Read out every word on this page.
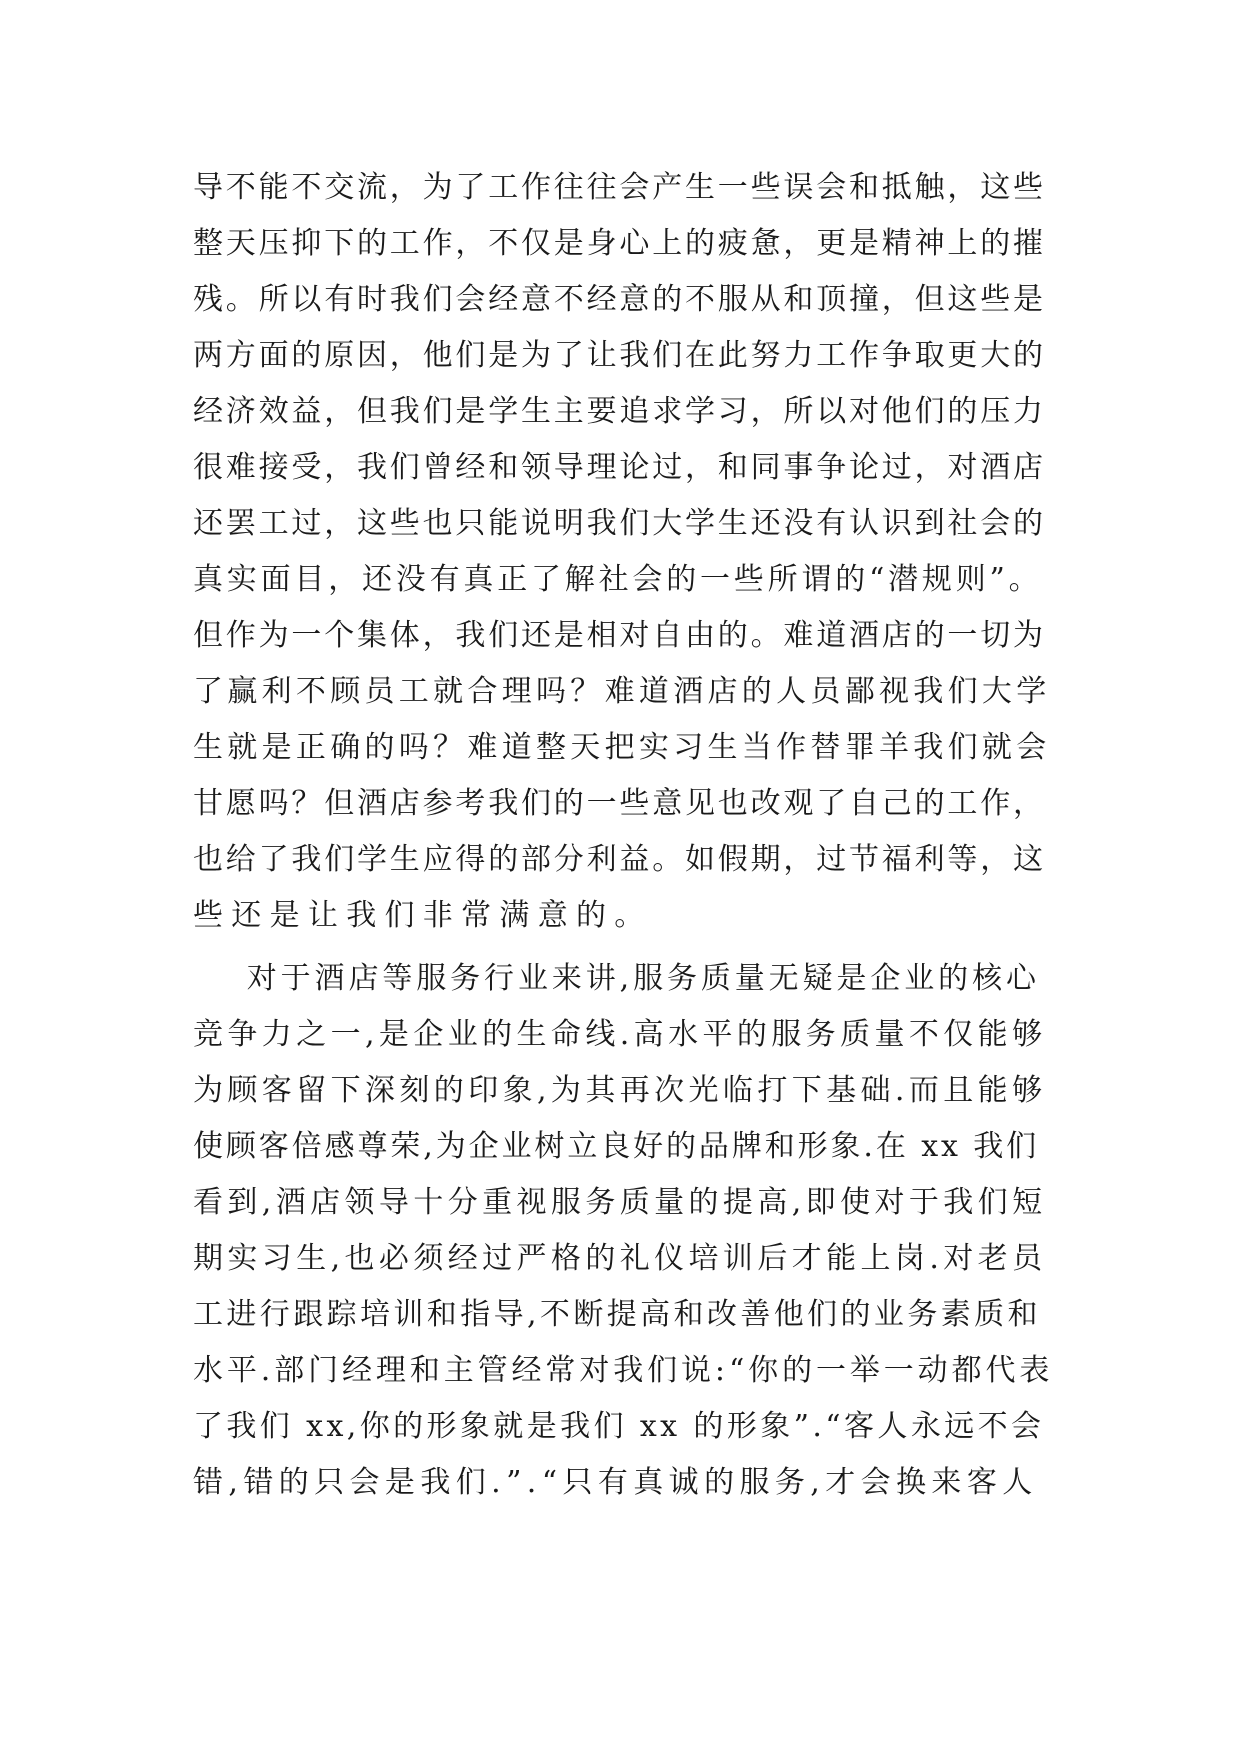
导不能不交流，为了工作往往会产生一些误会和抵触，这些
整天压抑下的工作，不仅是身心上的疲惫，更是精神上的摧
残。所以有时我们会经意不经意的不服从和顶撞，但这些是
两方面的原因，他们是为了让我们在此努力工作争取更大的
经济效益，但我们是学生主要追求学习，所以对他们的压力
很难接受，我们曾经和领导理论过，和同事争论过，对酒店
还罢工过，这些也只能说明我们大学生还没有认识到社会的
真实面目，还没有真正了解社会的一些所谓的“潜规则”。
但作为一个集体，我们还是相对自由的。难道酒店的一切为
了赢利不顾员工就合理吗？难道酒店的人员鄙视我们大学
生就是正确的吗？难道整天把实习生当作替罪羊我们就会
甘愿吗？但酒店参考我们的一些意见也改观了自己的工作，
也给了我们学生应得的部分利益。如假期，过节福利等，这
些还是让我们非常满意的。
对于酒店等服务行业来讲,服务质量无疑是企业的核心
竞争力之一,是企业的生命线.高水平的服务质量不仅能够
为顾客留下深刻的印象,为其再次光临打下基础.而且能够
使顾客倍感尊荣,为企业树立良好的品牌和形象.在 xx 我们
看到,酒店领导十分重视服务质量的提高,即使对于我们短
期实习生,也必须经过严格的礼仪培训后才能上岗.对老员
工进行跟踪培训和指导,不断提高和改善他们的业务素质和
水平.部门经理和主管经常对我们说:“你的一举一动都代表
了我们 xx,你的形象就是我们 xx 的形象”.“客人永远不会
错,错的只会是我们.”.“只有真诚的服务,才会换来客人
